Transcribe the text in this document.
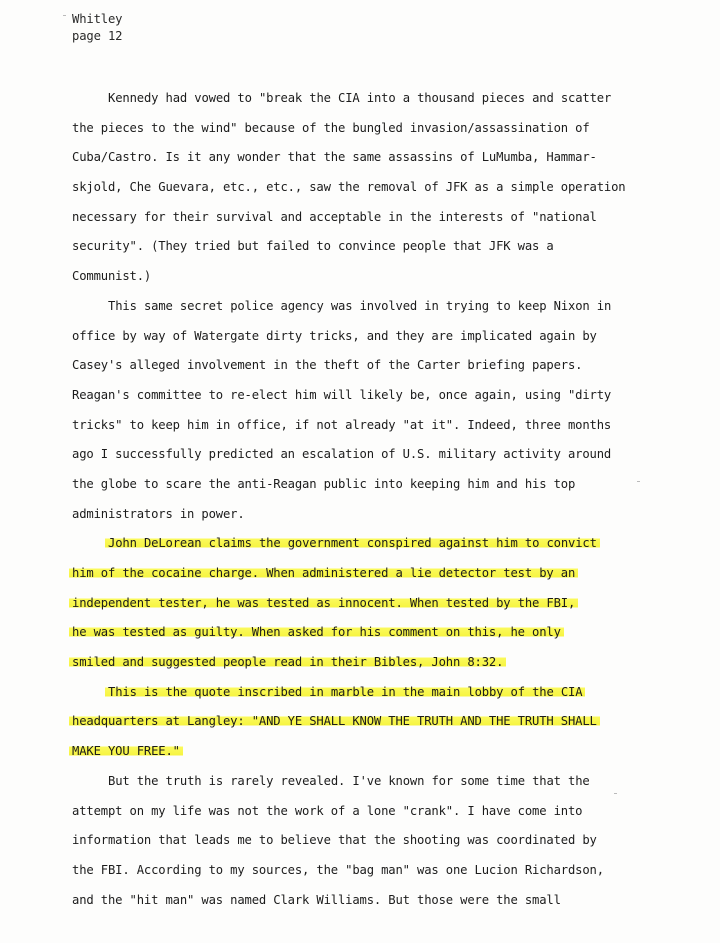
Whitley
page 12
Kennedy had vowed to "break the CIA into a thousand pieces and scatter
the pieces to the wind" because of the bungled invasion/assassination of
Cuba/Castro. Is it any wonder that the same assassins of LuMumba, Hammar-
skjold, Che Guevara, etc., etc., saw the removal of JFK as a simple operation
necessary for their survival and acceptable in the interests of "national
security". (They tried but failed to convince people that JFK was a
Communist.)
This same secret police agency was involved in trying to keep Nixon in
office by way of Watergate dirty tricks, and they are implicated again by
Casey's alleged involvement in the theft of the Carter briefing papers.
Reagan's committee to re-elect him will likely be, once again, using "dirty
tricks" to keep him in office, if not already "at it". Indeed, three months
ago I successfully predicted an escalation of U.S. military activity around
the globe to scare the anti-Reagan public into keeping him and his top
administrators in power.
John DeLorean claims the government conspired against him to convict
him of the cocaine charge. When administered a lie detector test by an
independent tester, he was tested as innocent. When tested by the FBI,
he was tested as guilty. When asked for his comment on this, he only
smiled and suggested people read in their Bibles, John 8:32.
This is the quote inscribed in marble in the main lobby of the CIA
headquarters at Langley: "AND YE SHALL KNOW THE TRUTH AND THE TRUTH SHALL
MAKE YOU FREE."
But the truth is rarely revealed. I've known for some time that the
attempt on my life was not the work of a lone "crank". I have come into
information that leads me to believe that the shooting was coordinated by
the FBI. According to my sources, the "bag man" was one Lucion Richardson,
and the "hit man" was named Clark Williams. But those were the small
